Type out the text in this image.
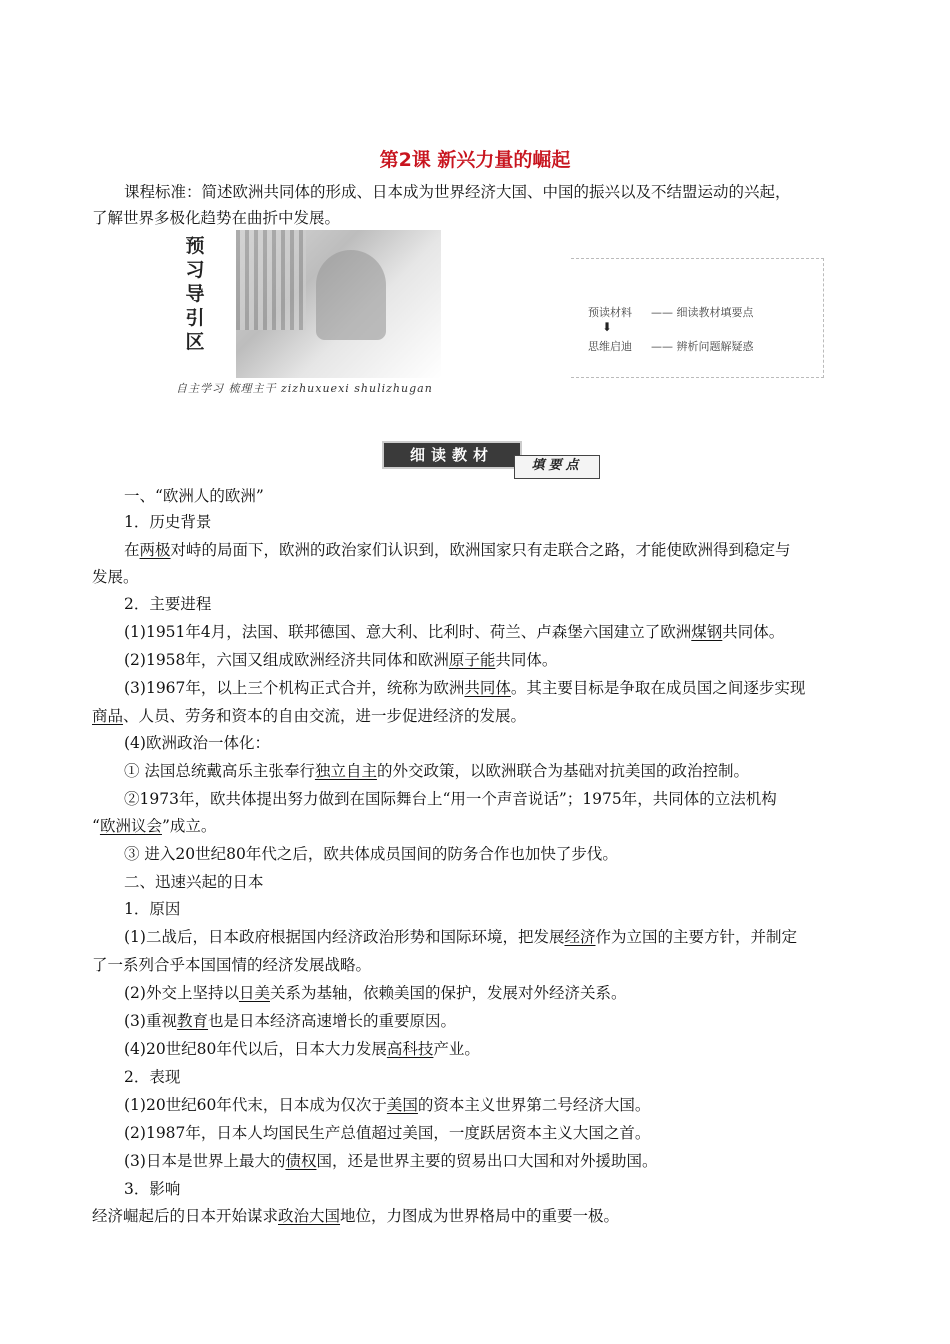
第2课 新兴力量的崛起
课程标准：简述欧洲共同体的形成、日本成为世界经济大国、中国的振兴以及不结盟运动的兴起，
了解世界多极化趋势在曲折中发展。
预
习
导
引
区
自主学习 梳理主干 zizhuxuexi shulizhugan
预读材料 —— 细读教材填要点
⬇
思维启迪 —— 辨析问题解疑惑
细读教材
填要点
一、“欧洲人的欧洲”
1．历史背景
在两极对峙的局面下，欧洲的政治家们认识到，欧洲国家只有走联合之路，才能使欧洲得到稳定与
发展。
2．主要进程
(1)1951年4月，法国、联邦德国、意大利、比利时、荷兰、卢森堡六国建立了欧洲煤钢共同体。
(2)1958年，六国又组成欧洲经济共同体和欧洲原子能共同体。
(3)1967年，以上三个机构正式合并，统称为欧洲共同体。其主要目标是争取在成员国之间逐步实现
商品、人员、劳务和资本的自由交流，进一步促进经济的发展。
(4)欧洲政治一体化：
① 法国总统戴高乐主张奉行独立自主的外交政策，以欧洲联合为基础对抗美国的政治控制。
②1973年，欧共体提出努力做到在国际舞台上“用一个声音说话”；1975年，共同体的立法机构
“欧洲议会”成立。
③ 进入20世纪80年代之后，欧共体成员国间的防务合作也加快了步伐。
二、迅速兴起的日本
1．原因
(1)二战后，日本政府根据国内经济政治形势和国际环境，把发展经济作为立国的主要方针，并制定
了一系列合乎本国国情的经济发展战略。
(2)外交上坚持以日美关系为基轴，依赖美国的保护，发展对外经济关系。
(3)重视教育也是日本经济高速增长的重要原因。
(4)20世纪80年代以后，日本大力发展高科技产业。
2．表现
(1)20世纪60年代末，日本成为仅次于美国的资本主义世界第二号经济大国。
(2)1987年，日本人均国民生产总值超过美国，一度跃居资本主义大国之首。
(3)日本是世界上最大的债权国，还是世界主要的贸易出口大国和对外援助国。
3．影响
经济崛起后的日本开始谋求政治大国地位，力图成为世界格局中的重要一极。
